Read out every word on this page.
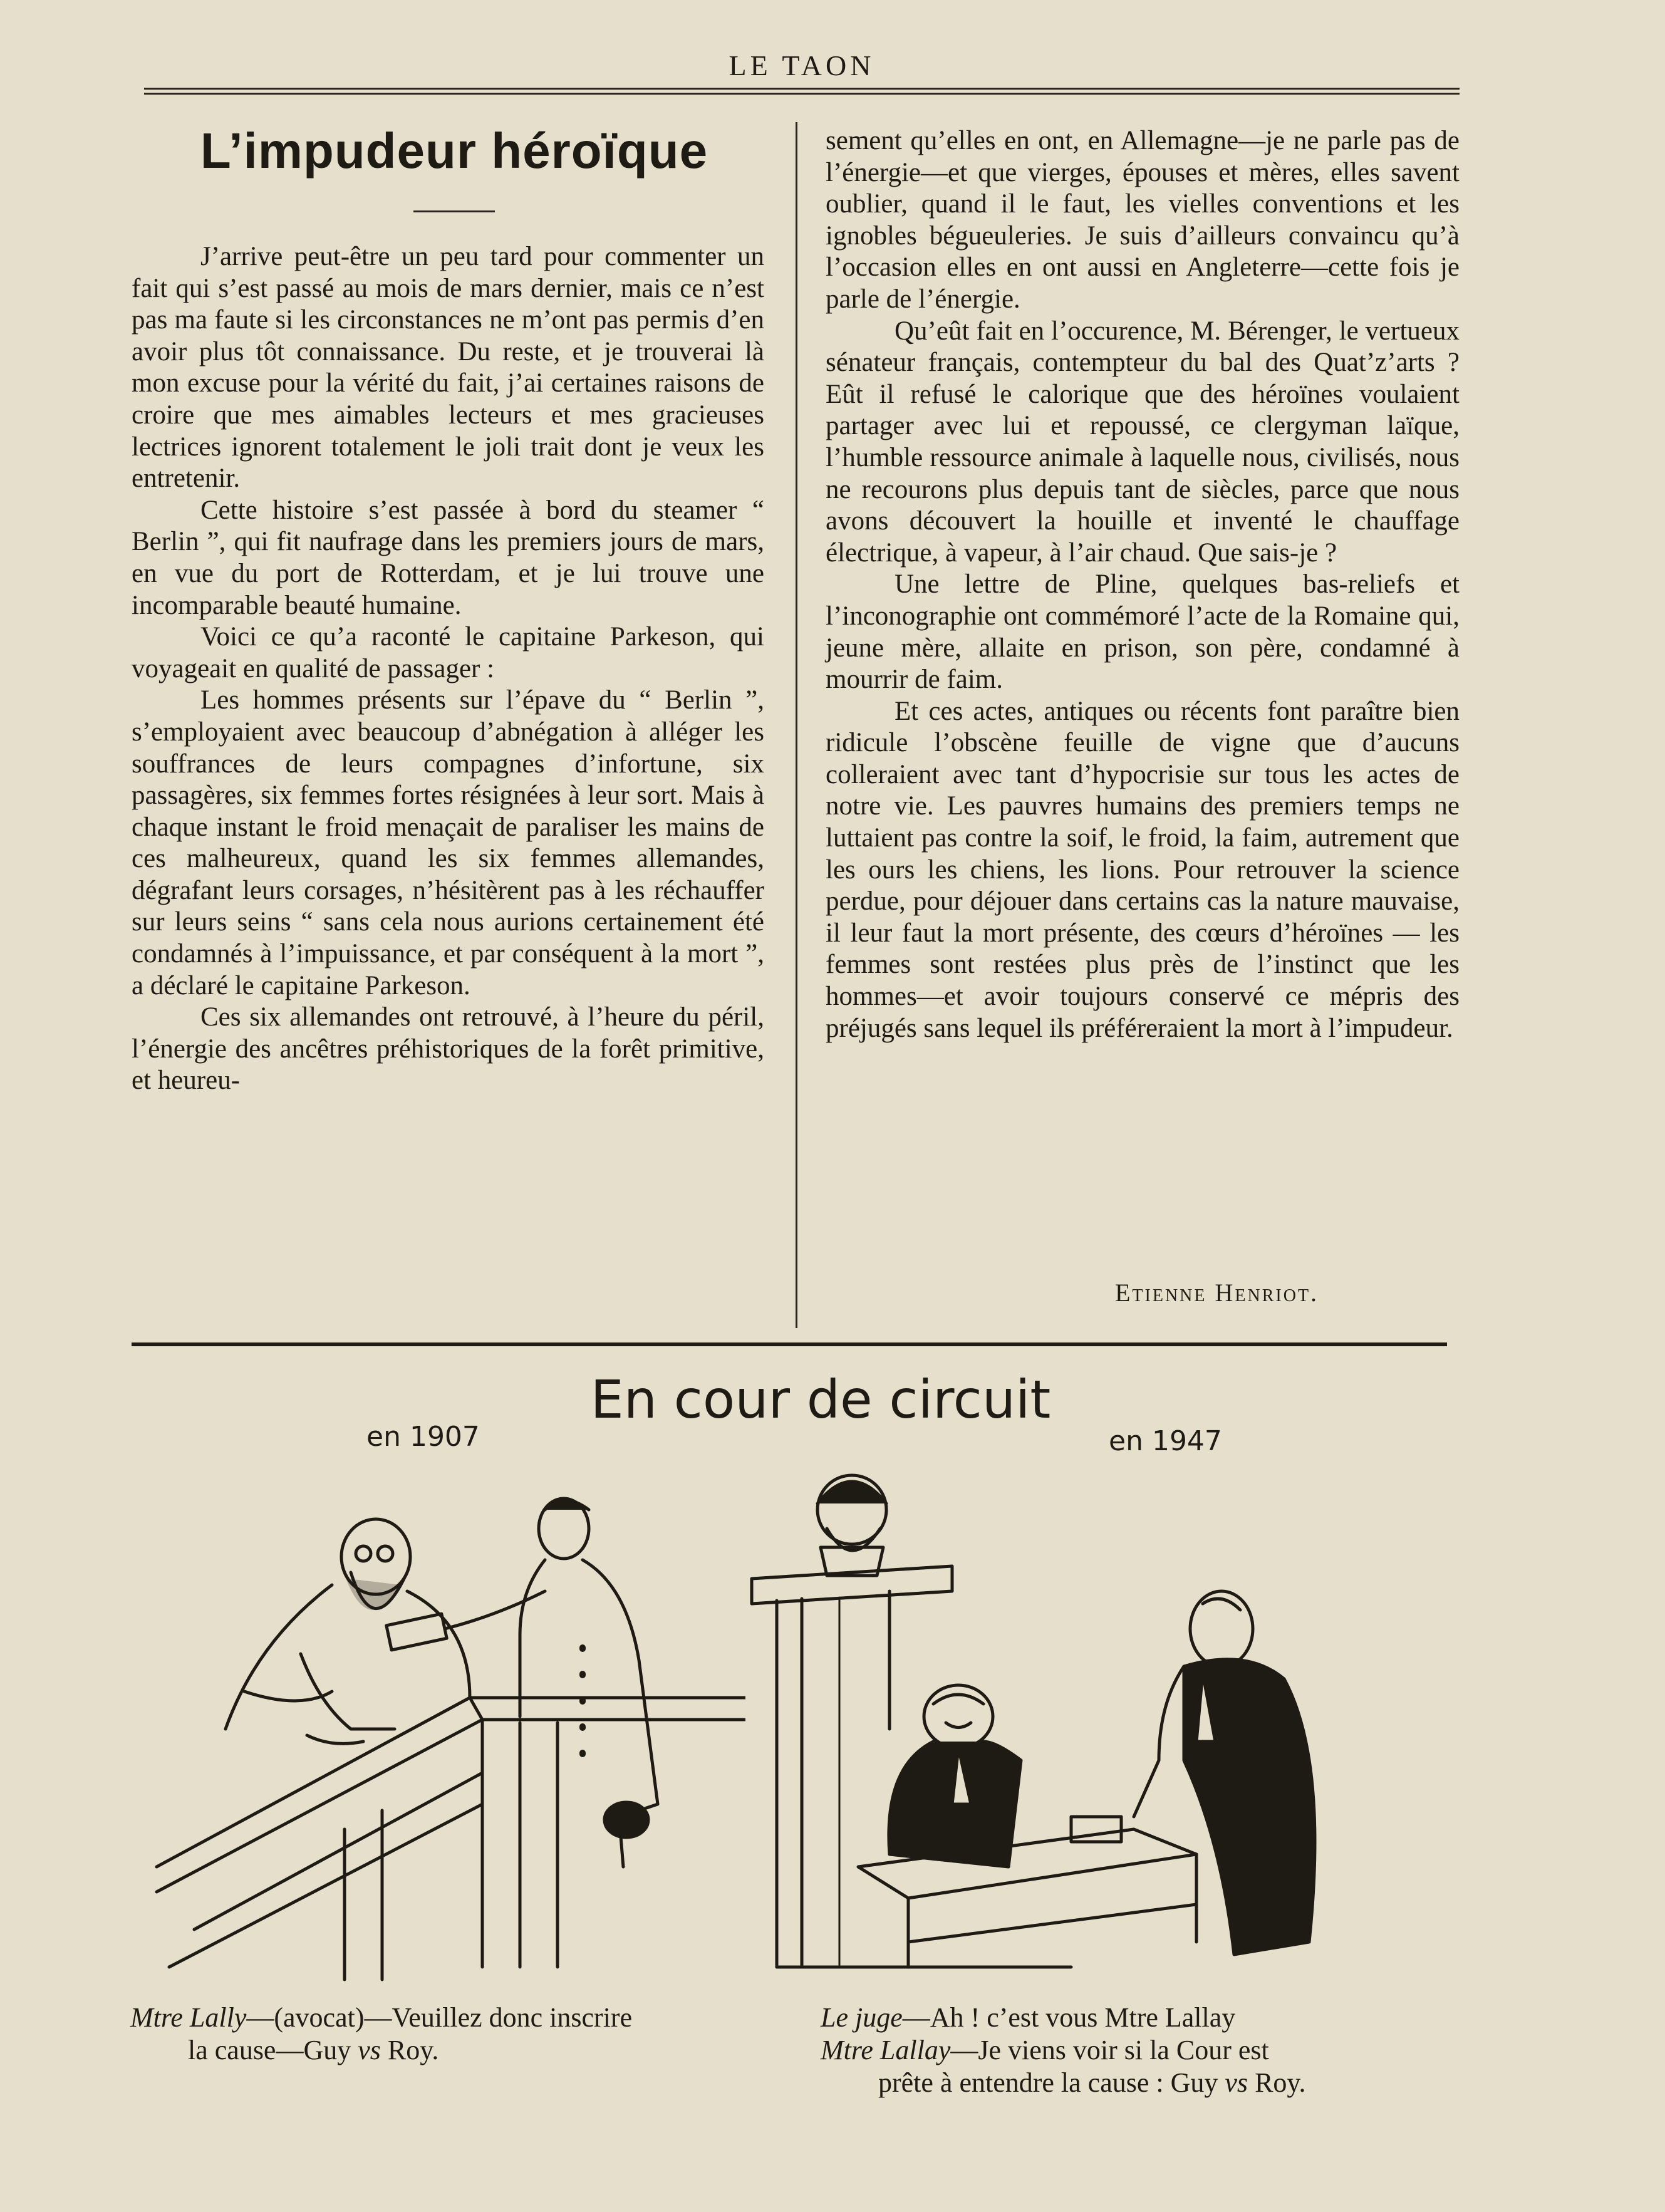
LE TAON
L’impudeur héroïque

J’arrive peut-être un peu tard pour commenter un fait qui s’est passé au mois de mars dernier, mais ce n’est pas ma faute si les circonstances ne m’ont pas permis d’en avoir plus tôt connaissance. Du reste, et je trouverai là mon excuse pour la vérité du fait, j’ai certaines raisons de croire que mes aimables lecteurs et mes gracieuses lectrices ignorent totalement le joli trait dont je veux les entretenir.

Cette histoire s’est passée à bord du steamer “ Berlin ”, qui fit naufrage dans les premiers jours de mars, en vue du port de Rotterdam, et je lui trouve une incomparable beauté humaine.

Voici ce qu’a raconté le capitaine Parkeson, qui voyageait en qualité de passager :

Les hommes présents sur l’épave du “ Berlin ”, s’employaient avec beaucoup d’abnégation à alléger les souffrances de leurs compagnes d’infortune, six passagères, six femmes fortes résignées à leur sort. Mais à chaque instant le froid menaçait de paraliser les mains de ces malheureux, quand les six femmes allemandes, dégrafant leurs corsages, n’hésitèrent pas à les réchauffer sur leurs seins “ sans cela nous aurions certainement été condamnés à l’impuissance, et par conséquent à la mort ”, a déclaré le capitaine Parkeson.

Ces six allemandes ont retrouvé, à l’heure du péril, l’énergie des ancêtres préhistoriques de la forêt primitive, et heureu-

sement qu’elles en ont, en Allemagne—je ne parle pas de l’énergie—et que vierges, épouses et mères, elles savent oublier, quand il le faut, les vielles conventions et les ignobles bégueuleries. Je suis d’ailleurs convaincu qu’à l’occasion elles en ont aussi en Angleterre—cette fois je parle de l’énergie.

Qu’eût fait en l’occurence, M. Bérenger, le vertueux sénateur français, contempteur du bal des Quat’z’arts ? Eût il refusé le calorique que des héroïnes voulaient partager avec lui et repoussé, ce clergyman laïque, l’humble ressource animale à laquelle nous, civilisés, nous ne recourons plus depuis tant de siècles, parce que nous avons découvert la houille et inventé le chauffage électrique, à vapeur, à l’air chaud. Que sais-je ?

Une lettre de Pline, quelques bas-reliefs et l’inconographie ont commémoré l’acte de la Romaine qui, jeune mère, allaite en prison, son père, condamné à mourrir de faim.

Et ces actes, antiques ou récents font paraître bien ridicule l’obscène feuille de vigne que d’aucuns colleraient avec tant d’hypocrisie sur tous les actes de notre vie. Les pauvres humains des premiers temps ne luttaient pas contre la soif, le froid, la faim, autrement que les ours les chiens, les lions. Pour retrouver la science perdue, pour déjouer dans certains cas la nature mauvaise, il leur faut la mort présente, des cœurs d’héroïnes — les femmes sont restées plus près de l’instinct que les hommes—et avoir toujours conservé ce mépris des préjugés sans lequel ils préféreraient la mort à l’impudeur.

Etienne Henriot.
En cour de circuit
en 1907	en 1947
Mtre Lally—(avocat)—Veuillez donc inscrire
la cause—Guy vs Roy.
Le juge—Ah ! c’est vous Mtre Lallay
Mtre Lallay—Je viens voir si la Cour est
prête à entendre la cause : Guy vs Roy.
